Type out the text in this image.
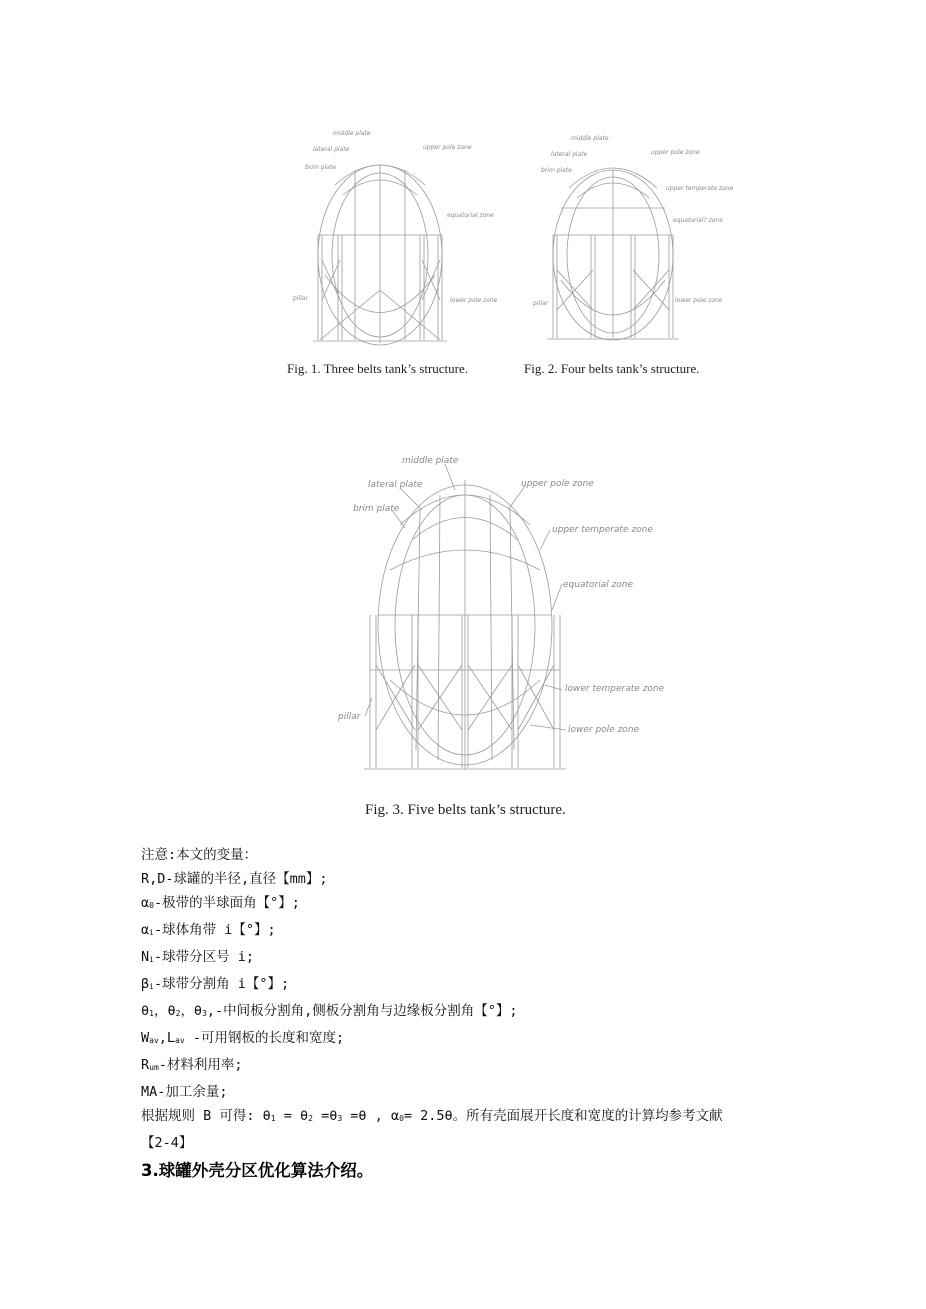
middle plate
lateral plate
brim plate
upper pole zone
equatorial zone
pillar	lower pole zone
Fig. 1. Three belts tank’s structure.
middle plate
lateral plate
brim plate
upper pole zone
upper temperate zone
equatorial? zone
pillar	lower pole zone
Fig. 2. Four belts tank’s structure.
middle plate
lateral plate
brim plate
upper pole zone
upper temperate zone
equatorial zone
lower temperate zone
pillar
lower pole zone
Fig. 3. Five belts tank’s structure.
注意:本文的变量：
R,D-球罐的半径,直径【mm】;
$\alpha_0-$极带的半球面角【°】;
$\alpha_i-$球体角带 i【°】;
$N_i-$球带分区号 i;
$\beta_i-$球带分割角 i【°】;
$\theta_1$，$\theta_2$，$\theta_3,-$中间板分割角,侧板分割角与边缘板分割角【°】;
$W_{av},L_{av}$ -可用钢板的长度和宽度;
$R_{um}-$材料利用率;
MA-加工余量;
根据规则 B 可得: $\theta_1 = \theta_2 =\theta_3 =\theta$ , $\alpha_0= 2.5\theta$。所有壳面展开长度和宽度的计算均参考文献
【2-4】
3.球罐外壳分区优化算法介绍。
